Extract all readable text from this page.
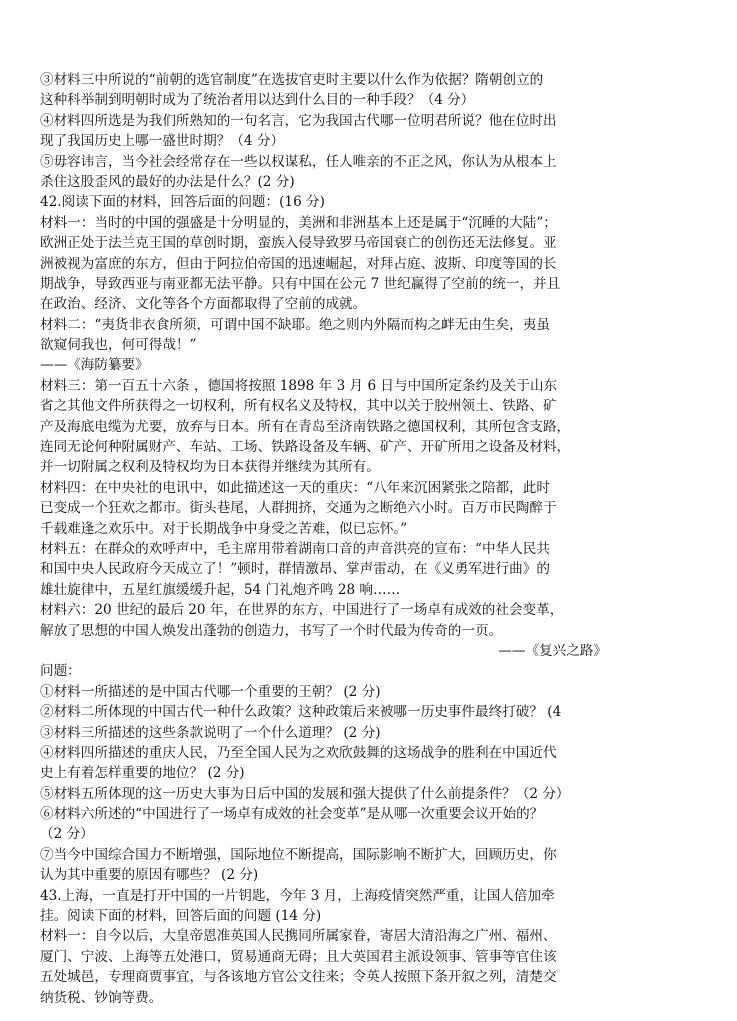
③材料三中所说的“前朝的选官制度”在选拔官吏时主要以什么作为依据？隋朝创立的
这种科举制到明朝时成为了统治者用以达到什么目的一种手段？（4 分）
④材料四所选是为我们所熟知的一句名言，它为我国古代哪一位明君所说？他在位时出
现了我国历史上哪一盛世时期？（4 分）
⑤毋容讳言，当今社会经常存在一些以权谋私，任人唯亲的不正之风，你认为从根本上
杀住这股歪风的最好的办法是什么？(2 分)
42.阅读下面的材料，回答后面的问题：(16 分)
材料一：当时的中国的强盛是十分明显的，美洲和非洲基本上还是属于“沉睡的大陆”；
欧洲正处于法兰克王国的草创时期，蛮族入侵导致罗马帝国衰亡的创伤还无法修复。亚
洲被视为富庶的东方，但由于阿拉伯帝国的迅速崛起，对拜占庭、波斯、印度等国的长
期战争，导致西亚与南亚都无法平静。只有中国在公元 7 世纪赢得了空前的统一，并且
在政治、经济、文化等各个方面都取得了空前的成就。
材料二：“夷货非衣食所须，可谓中国不缺耶。绝之则内外隔而构之衅无由生矣，夷虽
欲窥伺我也，何可得哉！”
——《海防纂要》
材料三：第一百五十六条 ，德国将按照 1898 年 3 月 6 日与中国所定条约及关于山东
省之其他文件所获得之一切权利，所有权名义及特权，其中以关于胶州领土、铁路、矿
产及海底电缆为尤要，放弃与日本。所有在青岛至济南铁路之德国权利，其所包含支路，
连同无论何种附属财产、车站、工场、铁路设备及车辆、矿产、开矿所用之设备及材料，
并一切附属之权利及特权均为日本获得并继续为其所有。
材料四：在中央社的电讯中，如此描述这一天的重庆：“八年来沉困紧张之陪都，此时
已变成一个狂欢之都市。街头巷尾，人群拥挤，交通为之断绝六小时。百万市民陶醉于
千载难逢之欢乐中。对于长期战争中身受之苦难，似已忘怀。”
材料五：在群众的欢呼声中，毛主席用带着湖南口音的声音洪亮的宣布：“中华人民共
和国中央人民政府今天成立了！”顿时，群情激昂、掌声雷动，在《义勇军进行曲》的
雄壮旋律中，五星红旗缓缓升起，54 门礼炮齐鸣 28 响……
材料六：20 世纪的最后 20 年，在世界的东方，中国进行了一场卓有成效的社会变革，
解放了思想的中国人焕发出蓬勃的创造力，书写了一个时代最为传奇的一页。
——《复兴之路》
问题：
①材料一所描述的是中国古代哪一个重要的王朝？ (2 分)
②材料二所体现的中国古代一种什么政策？这种政策后来被哪一历史事件最终打破？ (4
③材料三所描述的这些条款说明了一个什么道理？ (2 分)
④材料四所描述的重庆人民，乃至全国人民为之欢欣鼓舞的这场战争的胜利在中国近代
史上有着怎样重要的地位？ (2 分)
⑤材料五所体现的这一历史大事为日后中国的发展和强大提供了什么前提条件？（2 分）
⑥材料六所述的“中国进行了一场卓有成效的社会变革”是从哪一次重要会议开始的？
（2 分）
⑦当今中国综合国力不断增强，国际地位不断提高，国际影响不断扩大，回顾历史，你
认为其中重要的原因有哪些？ (2 分)
43.上海，一直是打开中国的一片钥匙，今年 3 月，上海疫情突然严重，让国人倍加牵
挂。阅读下面的材料，回答后面的问题 (14 分)
材料一：自今以后，大皇帝恩准英国人民携同所属家眷，寄居大清沿海之广州、福州、
厦门、宁波、上海等五处港口，贸易通商无碍；且大英国君主派设领事、管事等官住该
五处城邑，专理商贾事宜，与各该地方官公文往来；令英人按照下条开叙之列，清楚交
纳货税、钞饷等费。
